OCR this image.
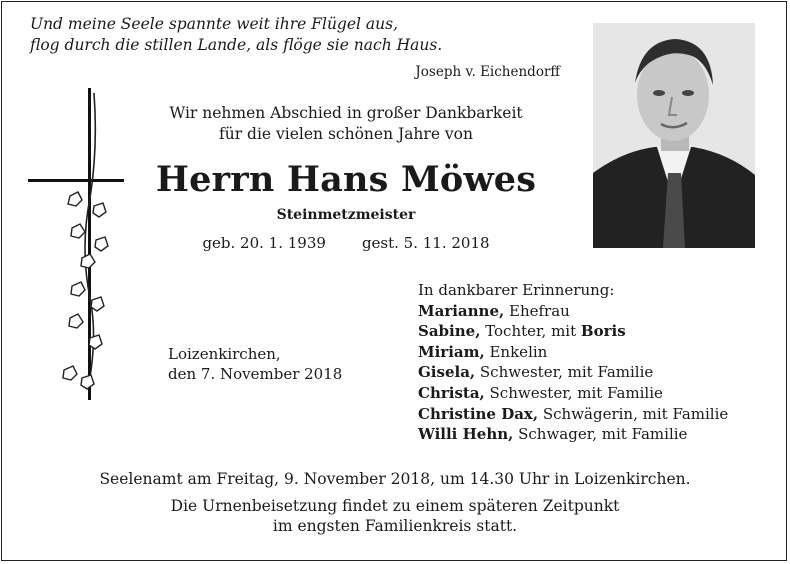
Und meine Seele spannte weit ihre Flügel aus,
flog durch die stillen Lande, als flöge sie nach Haus.
Joseph v. Eichendorff
Wir nehmen Abschied in großer Dankbarkeit
für die vielen schönen Jahre von
Herrn Hans Möwes
Steinmetzmeister
geb. 20. 1. 1939 gest. 5. 11. 2018
Loizenkirchen,
den 7. November 2018
In dankbarer Erinnerung:
Marianne, Ehefrau
Sabine, Tochter, mit Boris
Miriam, Enkelin
Gisela, Schwester, mit Familie
Christa, Schwester, mit Familie
Christine Dax, Schwägerin, mit Familie
Willi Hehn, Schwager, mit Familie
Seelenamt am Freitag, 9. November 2018, um 14.30 Uhr in Loizenkirchen.
Die Urnenbeisetzung findet zu einem späteren Zeitpunkt
im engsten Familienkreis statt.
